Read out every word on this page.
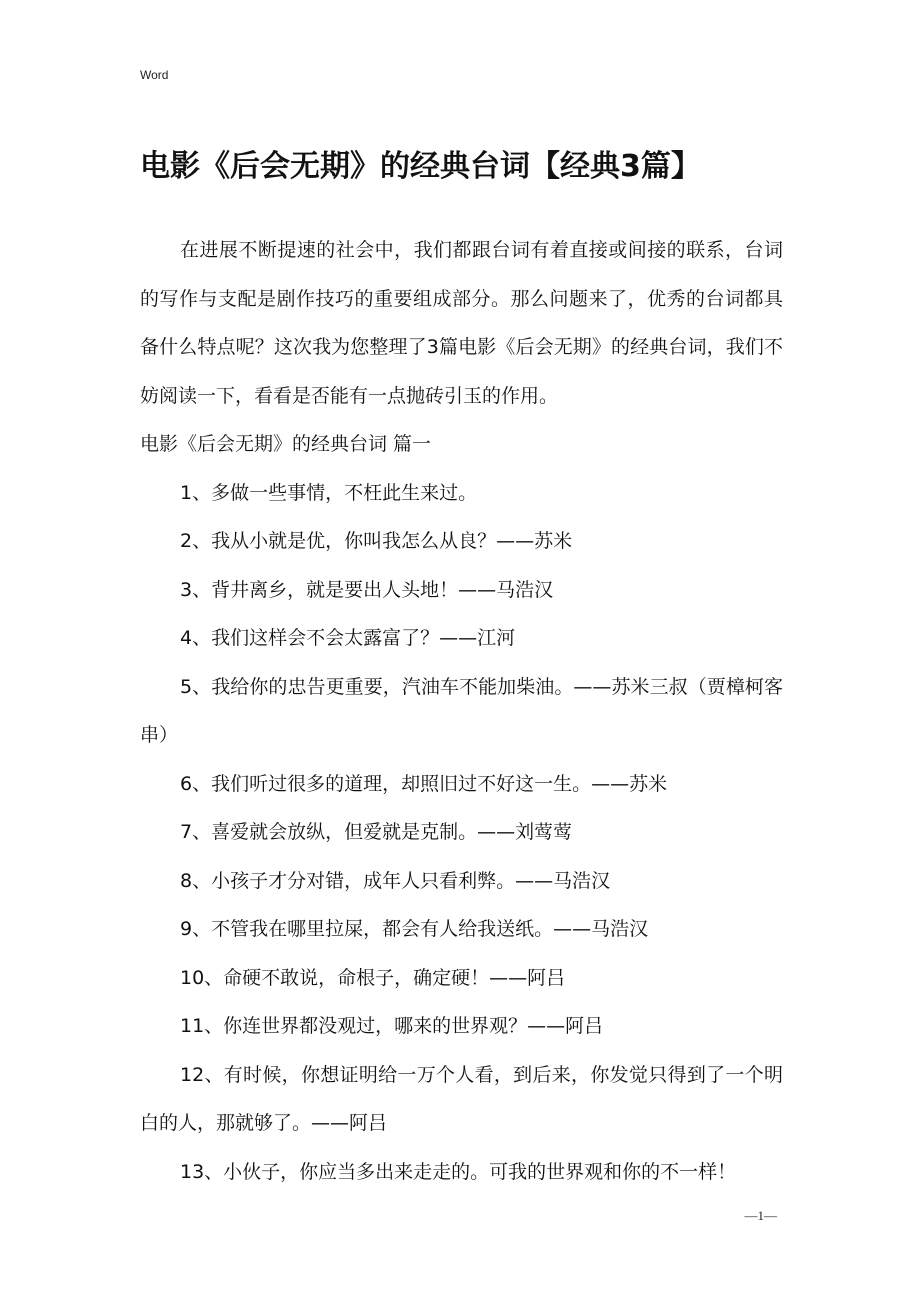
Word
电影《后会无期》的经典台词【经典3篇】

在进展不断提速的社会中，我们都跟台词有着直接或间接的联系，台词的写作与支配是剧作技巧的重要组成部分。那么问题来了，优秀的台词都具备什么特点呢？这次我为您整理了3篇电影《后会无期》的经典台词，我们不妨阅读一下，看看是否能有一点抛砖引玉的作用。

电影《后会无期》的经典台词 篇一

1、多做一些事情，不枉此生来过。

2、我从小就是优，你叫我怎么从良？——苏米

3、背井离乡，就是要出人头地！——马浩汉

4、我们这样会不会太露富了？——江河

5、我给你的忠告更重要，汽油车不能加柴油。——苏米三叔（贾樟柯客串）

6、我们听过很多的道理，却照旧过不好这一生。——苏米

7、喜爱就会放纵，但爱就是克制。——刘莺莺

8、小孩子才分对错，成年人只看利弊。——马浩汉

9、不管我在哪里拉屎，都会有人给我送纸。——马浩汉

10、命硬不敢说，命根子，确定硬！——阿吕

11、你连世界都没观过，哪来的世界观？——阿吕

12、有时候，你想证明给一万个人看，到后来，你发觉只得到了一个明白的人，那就够了。——阿吕

13、小伙子，你应当多出来走走的。可我的世界观和你的不一样！

—1—
